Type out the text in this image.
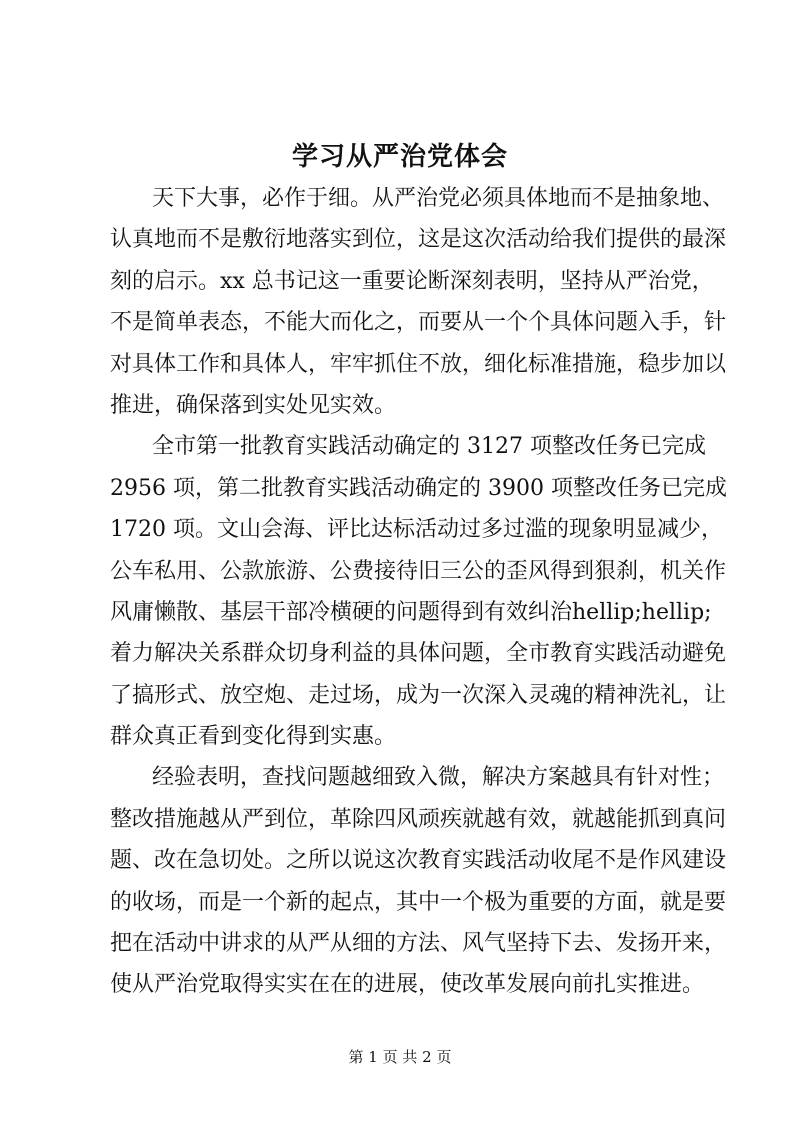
学习从严治党体会
天下大事，必作于细。从严治党必须具体地而不是抽象地、
认真地而不是敷衍地落实到位，这是这次活动给我们提供的最深
刻的启示。xx 总书记这一重要论断深刻表明，坚持从严治党，
不是简单表态，不能大而化之，而要从一个个具体问题入手，针
对具体工作和具体人，牢牢抓住不放，细化标准措施，稳步加以
推进，确保落到实处见实效。
全市第一批教育实践活动确定的 3127 项整改任务已完成
2956 项，第二批教育实践活动确定的 3900 项整改任务已完成
1720 项。文山会海、评比达标活动过多过滥的现象明显减少，
公车私用、公款旅游、公费接待旧三公的歪风得到狠刹，机关作
风庸懒散、基层干部冷横硬的问题得到有效纠治hellip;hellip;
着力解决关系群众切身利益的具体问题，全市教育实践活动避免
了搞形式、放空炮、走过场，成为一次深入灵魂的精神洗礼，让
群众真正看到变化得到实惠。
经验表明，查找问题越细致入微，解决方案越具有针对性；
整改措施越从严到位，革除四风顽疾就越有效，就越能抓到真问
题、改在急切处。之所以说这次教育实践活动收尾不是作风建设
的收场，而是一个新的起点，其中一个极为重要的方面，就是要
把在活动中讲求的从严从细的方法、风气坚持下去、发扬开来，
使从严治党取得实实在在的进展，使改革发展向前扎实推进。
第 1 页 共 2 页
